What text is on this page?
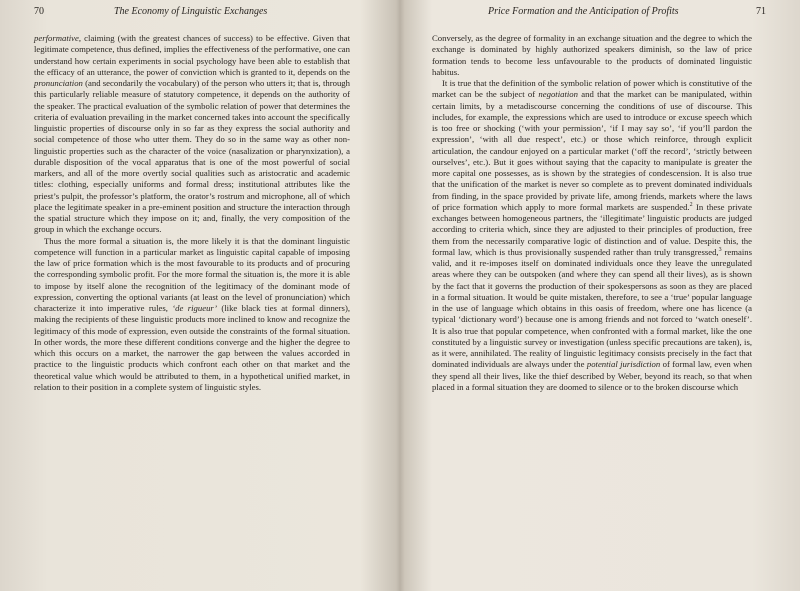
70	The Economy of Linguistic Exchanges

performative, claiming (with the greatest chances of success) to be effective. Given that legitimate competence, thus defined, implies the effectiveness of the performative, one can understand how certain experiments in social psychology have been able to establish that the efficacy of an utterance, the power of conviction which is granted to it, depends on the pronunciation (and secondarily the vocabulary) of the person who utters it; that is, through this particularly reliable measure of statutory competence, it depends on the authority of the speaker. The practical evaluation of the symbolic relation of power that determines the criteria of evaluation prevailing in the market concerned takes into account the specifically linguistic properties of discourse only in so far as they express the social authority and social competence of those who utter them. They do so in the same way as other non-linguistic properties such as the character of the voice (nasalization or pharynxization), a durable disposition of the vocal apparatus that is one of the most powerful of social markers, and all of the more overtly social qualities such as aristocratic and academic titles: clothing, especially uniforms and formal dress; institutional attributes like the priest’s pulpit, the professor’s platform, the orator’s rostrum and microphone, all of which place the legitimate speaker in a pre-eminent position and structure the interaction through the spatial structure which they impose on it; and, finally, the very composition of the group in which the exchange occurs.

Thus the more formal a situation is, the more likely it is that the dominant linguistic competence will function in a particular market as linguistic capital capable of imposing the law of price formation which is the most favourable to its products and of procuring the corresponding symbolic profit. For the more formal the situation is, the more it is able to impose by itself alone the recognition of the legitimacy of the dominant mode of expression, converting the optional variants (at least on the level of pronunciation) which characterize it into imperative rules, ‘de rigueur’ (like black ties at formal dinners), making the recipients of these linguistic products more inclined to know and recognize the legitimacy of this mode of expression, even outside the constraints of the formal situation. In other words, the more these different conditions converge and the higher the degree to which this occurs on a market, the narrower the gap between the values accorded in practice to the linguistic products which confront each other on that market and the theoretical value which would be attributed to them, in a hypothetical unified market, in relation to their position in a complete system of linguistic styles.

Price Formation and the Anticipation of Profits	71

Conversely, as the degree of formality in an exchange situation and the degree to which the exchange is dominated by highly authorized speakers diminish, so the law of price formation tends to become less unfavourable to the products of dominated linguistic habitus.

It is true that the definition of the symbolic relation of power which is constitutive of the market can be the subject of negotiation and that the market can be manipulated, within certain limits, by a metadiscourse concerning the conditions of use of discourse. This includes, for example, the expressions which are used to introduce or excuse speech which is too free or shocking (‘with your permission’, ‘if I may say so’, ‘if you’ll pardon the expression’, ‘with all due respect’, etc.) or those which reinforce, through explicit articulation, the candour enjoyed on a particular market (‘off the record’, ‘strictly between ourselves’, etc.). But it goes without saying that the capacity to manipulate is greater the more capital one possesses, as is shown by the strategies of condescension. It is also true that the unification of the market is never so complete as to prevent dominated individuals from finding, in the space provided by private life, among friends, markets where the laws of price formation which apply to more formal markets are suspended.$^2$ In these private exchanges between homogeneous partners, the ‘illegitimate’ linguistic products are judged according to criteria which, since they are adjusted to their principles of production, free them from the necessarily comparative logic of distinction and of value. Despite this, the formal law, which is thus provisionally suspended rather than truly transgressed,$^3$ remains valid, and it re-imposes itself on dominated individuals once they leave the unregulated areas where they can be outspoken (and where they can spend all their lives), as is shown by the fact that it governs the production of their spokespersons as soon as they are placed in a formal situation. It would be quite mistaken, therefore, to see a ‘true’ popular language in the use of language which obtains in this oasis of freedom, where one has licence (a typical ‘dictionary word’) because one is among friends and not forced to ‘watch oneself’. It is also true that popular competence, when confronted with a formal market, like the one constituted by a linguistic survey or investigation (unless specific precautions are taken), is, as it were, annihilated. The reality of linguistic legitimacy consists precisely in the fact that dominated individuals are always under the potential jurisdiction of formal law, even when they spend all their lives, like the thief described by Weber, beyond its reach, so that when placed in a formal situation they are doomed to silence or to the broken discourse which
